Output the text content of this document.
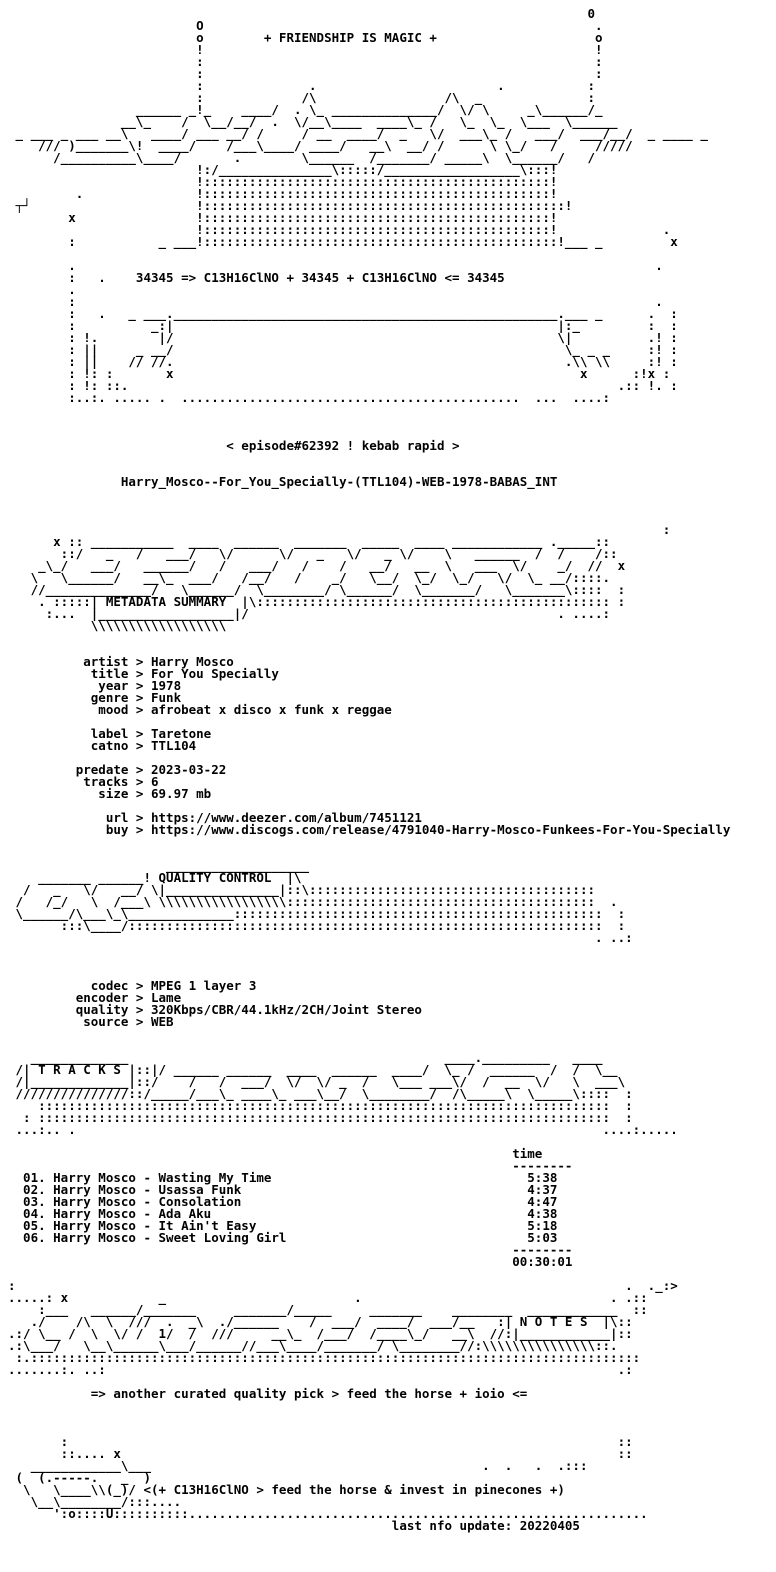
0
O                                                    .
o        + FRIENDSHIP IS MAGIC +                     o
!                                                    !
:                                                    :
:                                                    :
:              .                        .           :
:             /\                 /\  _              :
______ _!_    ____/  . \_ ______________/  \/ \     _\______/_
__\_    /  \__/__/  .  \/__\____  ____\_ /   \_  \_  \___  \______
_ ___ _ ___ __\   ____/ ___ __/ /     / __  ____/  _   \/  ___\_ /   ___/  ___/__/  _ ____ _
/// )_______\!  ____/    /___\____/ ____/   __\  __/ /      \ \_/   /     /////
/__________\____/       .        \______  /_______/ _____\  \______/   /
!:/_______________\:::::/__________________\:::!
!::::::::::::::::::::::::::::::::::::::::::::::!
.               !::::::::::::::::::::::::::::::::::::::::::::::!
┬┘                      !::::::::::::::::::::::::::::::::::::::::::::::::!
x                !::::::::::::::::::::::::::::::::::::::::::::::!
!::::::::::::::::::::::::::::::::::::::::::::::!              .
:           _ ___!:::::::::::::::::::::::::::::::::::::::::::::::!___ _         x
.                                                                             .
:   .    34345 => C13H16ClNO + 34345 + C13H16ClNO <= 34345
.
:                                                                             .
:   .   _ ___.___________________________________________________.___ _      .  :
:          _:|                                                   |:_         :  :
: !.        |/                                                   \|          .! :
: ||     _ __/                                                    \_ _ _     :! :
: ||    // //.                                                    .\\ \\     :! :
: !: :       x                                                      x      :!x :
: !: ::.                                                                 .:: !. :
:..:. ..... .  .............................................  ...  ....:
< episode#62392 ! kebab rapid >
Harry_Mosco--For_You_Specially-(TTL104)-WEB-1978-BABAS_INT
:
x :: ___________  ____  ______  _______  _____  ____ ____________ ._____::
::/   _   /   ___/   \/      \/   _   \/   _ \/    \   ______  /  /    /::
_\_/   ___/   ______/   /   ___/   /    /   __/   __  \   ___  \/    _/  //  x
\   \______/   __\_  ___/   /__/   /    _/   \__/  \_/  \_/   \/  \_ __/::::.
//______________/   \______/  \________/ \______/  \_______/   \_______\::::  :
. :::::| METADATA SUMMARY  |\::::::::::::::::::::::::::::::::::::::::::::::: :
:...  |__________________|/                                         . ....:
\\\\\\\\\\\\\\\\\\
artist > Harry Mosco
title > For You Specially
year > 1978
genre > Funk
mood > afrobeat x disco x funk x reggae
label > Taretone
catno > TTL104
predate > 2023-03-22
tracks > 6
size > 69.97 mb
url > https://www.deezer.com/album/7451121
buy > https://www.discogs.com/release/4791040-Harry-Mosco-Funkees-For-You-Specially
___________________
_______ ______! QUALITY CONTROL  |\
/   _   \/   __/ \|_______________|::\::::::::::::::::::::::::::::::::::::::
/   /_/   \  /___\ \\\\\\\\\\\\\\\\\:::::::::::::::::::::::::::::::::::::::::  .
\______/\___\_\______________:::::::::::::::::::::::::::::::::::::::::::::::::  :
:::\____/:::::::::::::::::::::::::::::::::::::::::::::::::::::::::::::::  :
. ..:
codec > MPEG 1 layer 3
encoder > Lame
quality > 320Kbps/CBR/44.1kHz/2CH/Joint Stereo
source > WEB
_____________                                          ____._________   ____
/| T R A C K S |::|/ ______ ______  ____  ______  ____/  \_ /  ______  /  /  \__
/|_____________|::/    /   /  ___/  \/  \/ _  /   \___ ___\/  /  __  \/   \  ___\
///////////////::/_____/___\_ ____\_ ___\__/  \________/  /\_____\  \_____\::::  :
::::::::::::::::::::::::::::::::::::::::::::::::::::::::::::::::::::::::::::  :
: ::::::::::::::::::::::::::::::::::::::::::::::::::::::::::::::::::::::::::::  :
...:.. .                                                                      ....:.....
time
--------
01. Harry Mosco - Wasting My Time                                  5:38
02. Harry Mosco - Usassa Funk                                      4:37
03. Harry Mosco - Consolation                                      4:47
04. Harry Mosco - Ada Aku                                          4:38
05. Harry Mosco - It Ain't Easy                                    5:18
06. Harry Mosco - Sweet Loving Girl                                5:03
--------
00:30:01
:                                                                                 .  ._:>
.....: x            _                         .                                 . .::
:___   ______/_______     _______/_____     _______    ________  ____________  ::
./    /\  \  ///  .  _\  ./______    /  ___/  ____/  ___/__   :| N O T E S  |\::
.:/ \__ /  \  \/ /  1/  /  ///     __\_  /___/  /____\_/   __\  //:|____________|::
.:\___/   \__\______\___/______//___\____/_______/ \________//:\\\\\\\\\\\\\\\::.
:.:::::::::::::::::::::::::::::::::::::::::::::::::::::::::::::::::::::::::::::::::
.......:. ..:                                                                    .:
=> another curated quality pick > feed the horse + ioio <=
:                                                                         ::
::.... x                                                                  ::
____________\___                                            .  .   .  .:::
(  (.-----.   _  )
\   \____\\(_)/ <(+ C13H16ClNO > feed the horse & invest in pinecones +)
\__\________/:::....
':o::::U::::::::::.............................................................
last nfo update: 20220405
